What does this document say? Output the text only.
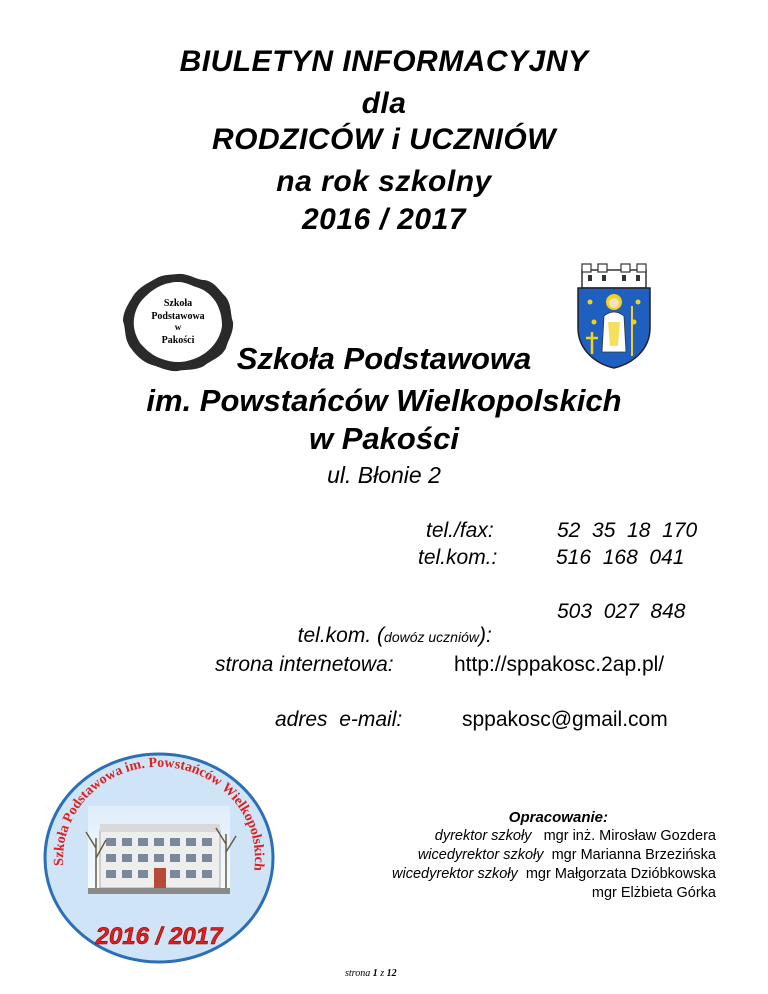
BIULETYN INFORMACYJNY
dla
RODZICÓW i UCZNIÓW
na rok szkolny
2016 / 2017
Szkoła
Podstawowa
w
Pakości
Szkoła Podstawowa
im. Powstańców Wielkopolskich
w Pakości
ul. Błonie 2
tel./fax:	52  35  18  170
tel.kom.:	516  168  041

tel.kom. (dowóz uczniów):

503  027  848
strona internetowa:	http://sppakosc.2ap.pl/
adres  e-mail:	sppakosc@gmail.com
Szkoła Podstawowa im. Powstańców Wielkopolskich
2016 / 2017
Opracowanie:
dyrektor szkoły mgr inż. Mirosław Gozdera
wicedyrektor szkoły mgr Marianna Brzezińska
wicedyrektor szkoły mgr Małgorzata Dzióbkowska
mgr Elżbieta Górka
strona 1 z 12
